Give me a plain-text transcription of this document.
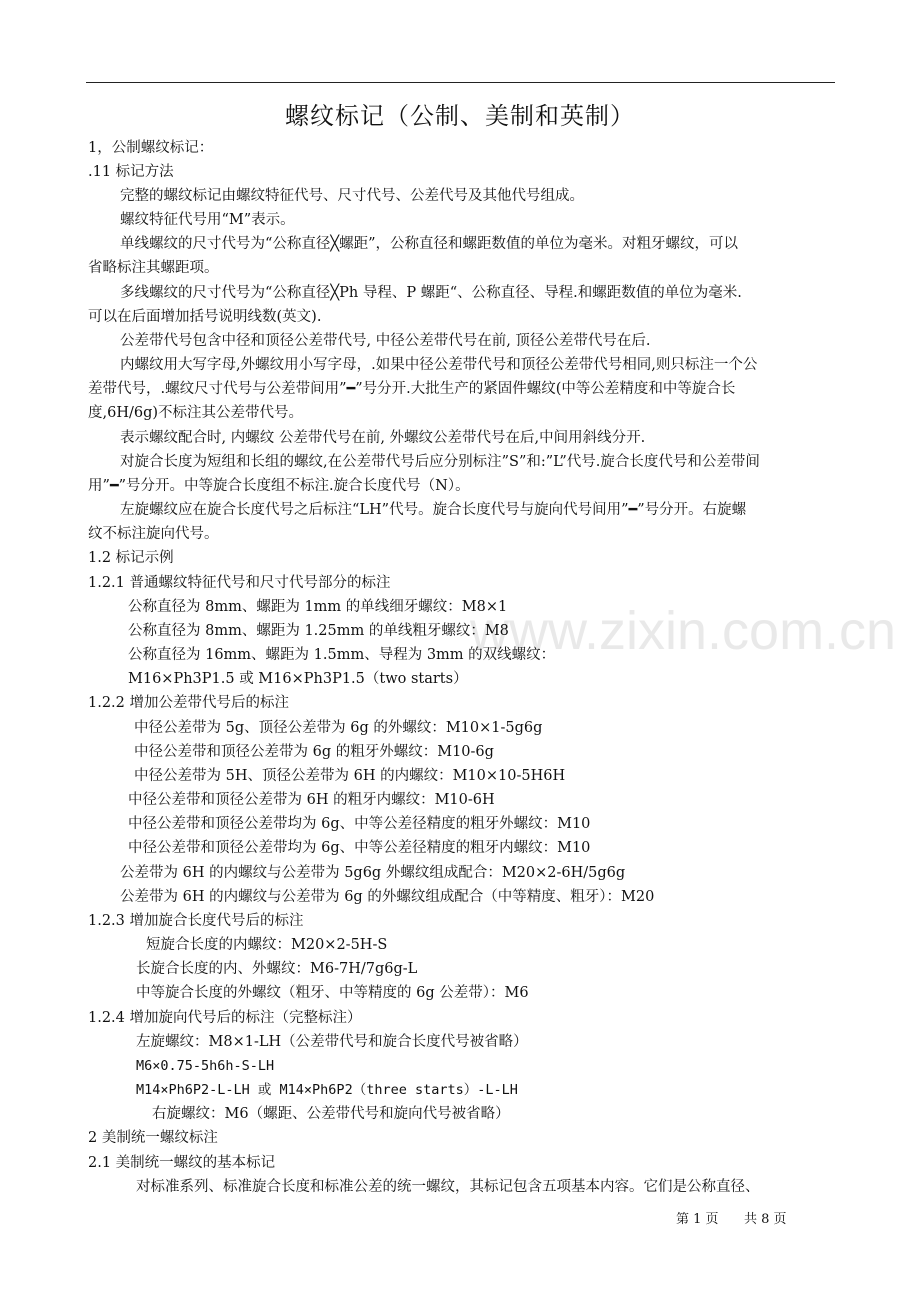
www.zixin.com.cn
螺纹标记（公制、美制和英制）
1，公制螺纹标记：
.11 标记方法
完整的螺纹标记由螺纹特征代号、尺寸代号、公差代号及其他代号组成。
螺纹特征代号用“M”表示。
单线螺纹的尺寸代号为“公称直径╳螺距”，公称直径和螺距数值的单位为毫米。对粗牙螺纹，可以
省略标注其螺距项。
多线螺纹的尺寸代号为“公称直径╳Ph 导程、P 螺距“、公称直径、导程.和螺距数值的单位为毫米.
可以在后面增加括号说明线数(英文).
公差带代号包含中径和顶径公差带代号, 中径公差带代号在前, 顶径公差带代号在后.
内螺纹用大写字母,外螺纹用小写字母，.如果中径公差带代号和顶径公差带代号相同,则只标注一个公
差带代号，.螺纹尺寸代号与公差带间用”━”号分开.大批生产的紧固件螺纹(中等公差精度和中等旋合长
度,6H/6g)不标注其公差带代号。
表示螺纹配合时, 内螺纹 公差带代号在前, 外螺纹公差带代号在后,中间用斜线分开.
对旋合长度为短组和长组的螺纹,在公差带代号后应分别标注”S”和:”L”代号.旋合长度代号和公差带间
用”━”号分开。中等旋合长度组不标注.旋合长度代号（N）。
左旋螺纹应在旋合长度代号之后标注“LH”代号。旋合长度代号与旋向代号间用”━”号分开。右旋螺
纹不标注旋向代号。
1.2 标记示例
1.2.1 普通螺纹特征代号和尺寸代号部分的标注
公称直径为 8mm、螺距为 1mm 的单线细牙螺纹：M8×1
公称直径为 8mm、螺距为 1.25mm 的单线粗牙螺纹：M8
公称直径为 16mm、螺距为 1.5mm、导程为 3mm 的双线螺纹：
M16×Ph3P1.5 或 M16×Ph3P1.5（two starts）
1.2.2 增加公差带代号后的标注
中径公差带为 5g、顶径公差带为 6g 的外螺纹：M10×1-5g6g
中径公差带和顶径公差带为 6g 的粗牙外螺纹：M10-6g
中径公差带为 5H、顶径公差带为 6H 的内螺纹：M10×10-5H6H
中径公差带和顶径公差带为 6H 的粗牙内螺纹：M10-6H
中径公差带和顶径公差带均为 6g、中等公差径精度的粗牙外螺纹：M10
中径公差带和顶径公差带均为 6g、中等公差径精度的粗牙内螺纹：M10
公差带为 6H 的内螺纹与公差带为 5g6g 外螺纹组成配合：M20×2-6H/5g6g
公差带为 6H 的内螺纹与公差带为 6g 的外螺纹组成配合（中等精度、粗牙）：M20
1.2.3 增加旋合长度代号后的标注
短旋合长度的内螺纹：M20×2-5H-S
长旋合长度的内、外螺纹：M6-7H/7g6g-L
中等旋合长度的外螺纹（粗牙、中等精度的 6g 公差带）：M6
1.2.4 增加旋向代号后的标注（完整标注）
左旋螺纹：M8×1-LH（公差带代号和旋合长度代号被省略）
M6×0.75-5h6h-S-LH
M14×Ph6P2-L-LH 或 M14×Ph6P2（three starts）-L-LH
右旋螺纹：M6（螺距、公差带代号和旋向代号被省略）
2 美制统一螺纹标注
2.1 美制统一螺纹的基本标记
对标准系列、标准旋合长度和标准公差的统一螺纹，其标记包含五项基本内容。它们是公称直径、
第 1 页 共 8 页
